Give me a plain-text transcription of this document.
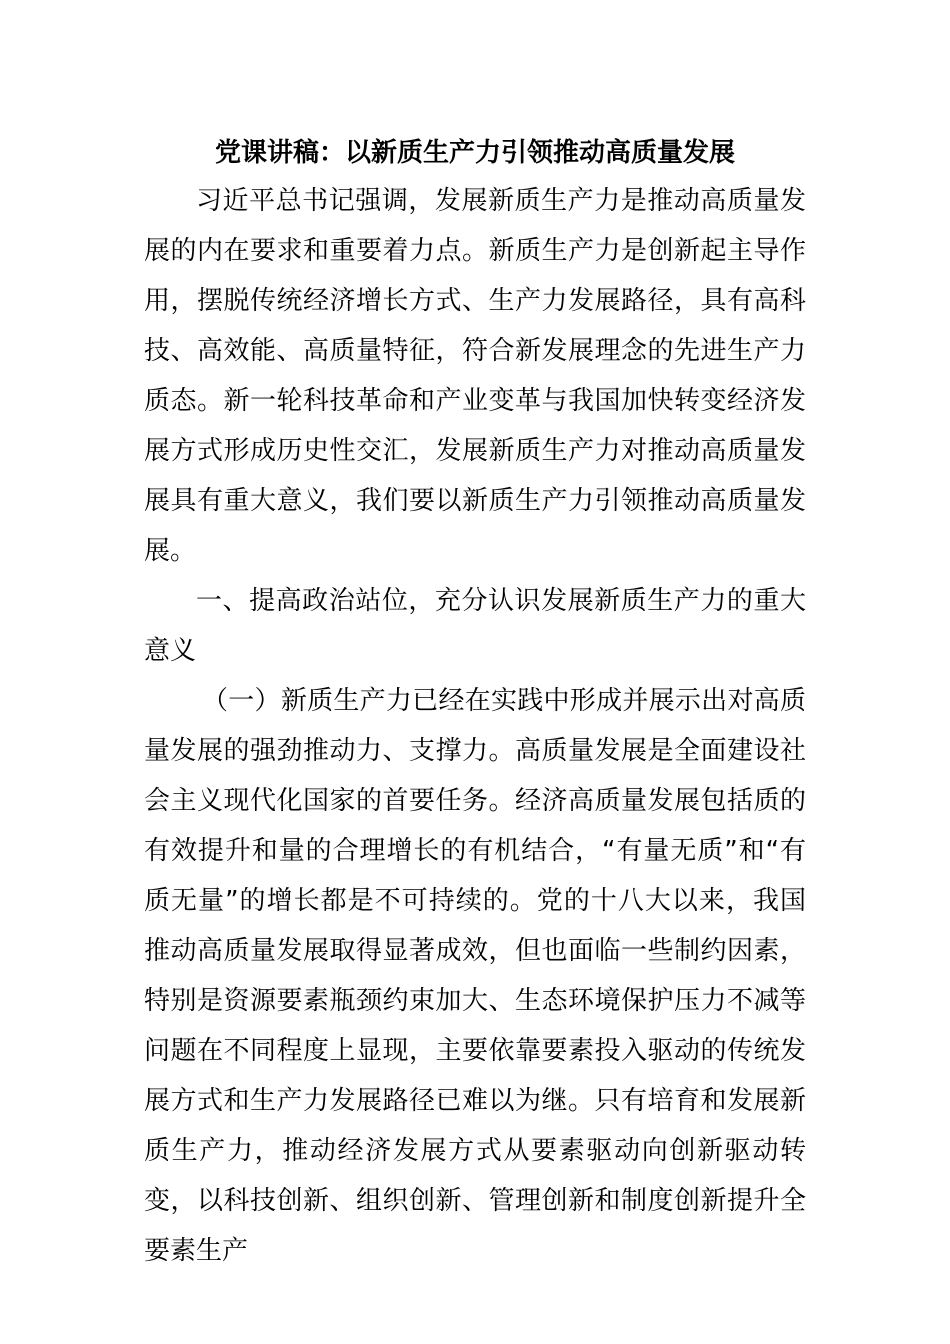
党课讲稿：以新质生产力引领推动高质量发展

习近平总书记强调，发展新质生产力是推动高质量发展的内在要求和重要着力点。新质生产力是创新起主导作用，摆脱传统经济增长方式、生产力发展路径，具有高科技、高效能、高质量特征，符合新发展理念的先进生产力质态。新一轮科技革命和产业变革与我国加快转变经济发展方式形成历史性交汇，发展新质生产力对推动高质量发展具有重大意义，我们要以新质生产力引领推动高质量发展。

一、提高政治站位，充分认识发展新质生产力的重大意义

（一）新质生产力已经在实践中形成并展示出对高质量发展的强劲推动力、支撑力。高质量发展是全面建设社会主义现代化国家的首要任务。经济高质量发展包括质的有效提升和量的合理增长的有机结合，“有量无质”和“有质无量”的增长都是不可持续的。党的十八大以来，我国推动高质量发展取得显著成效，但也面临一些制约因素，特别是资源要素瓶颈约束加大、生态环境保护压力不减等问题在不同程度上显现，主要依靠要素投入驱动的传统发展方式和生产力发展路径已难以为继。只有培育和发展新质生产力，推动经济发展方式从要素驱动向创新驱动转变，以科技创新、组织创新、管理创新和制度创新提升全要素生产
